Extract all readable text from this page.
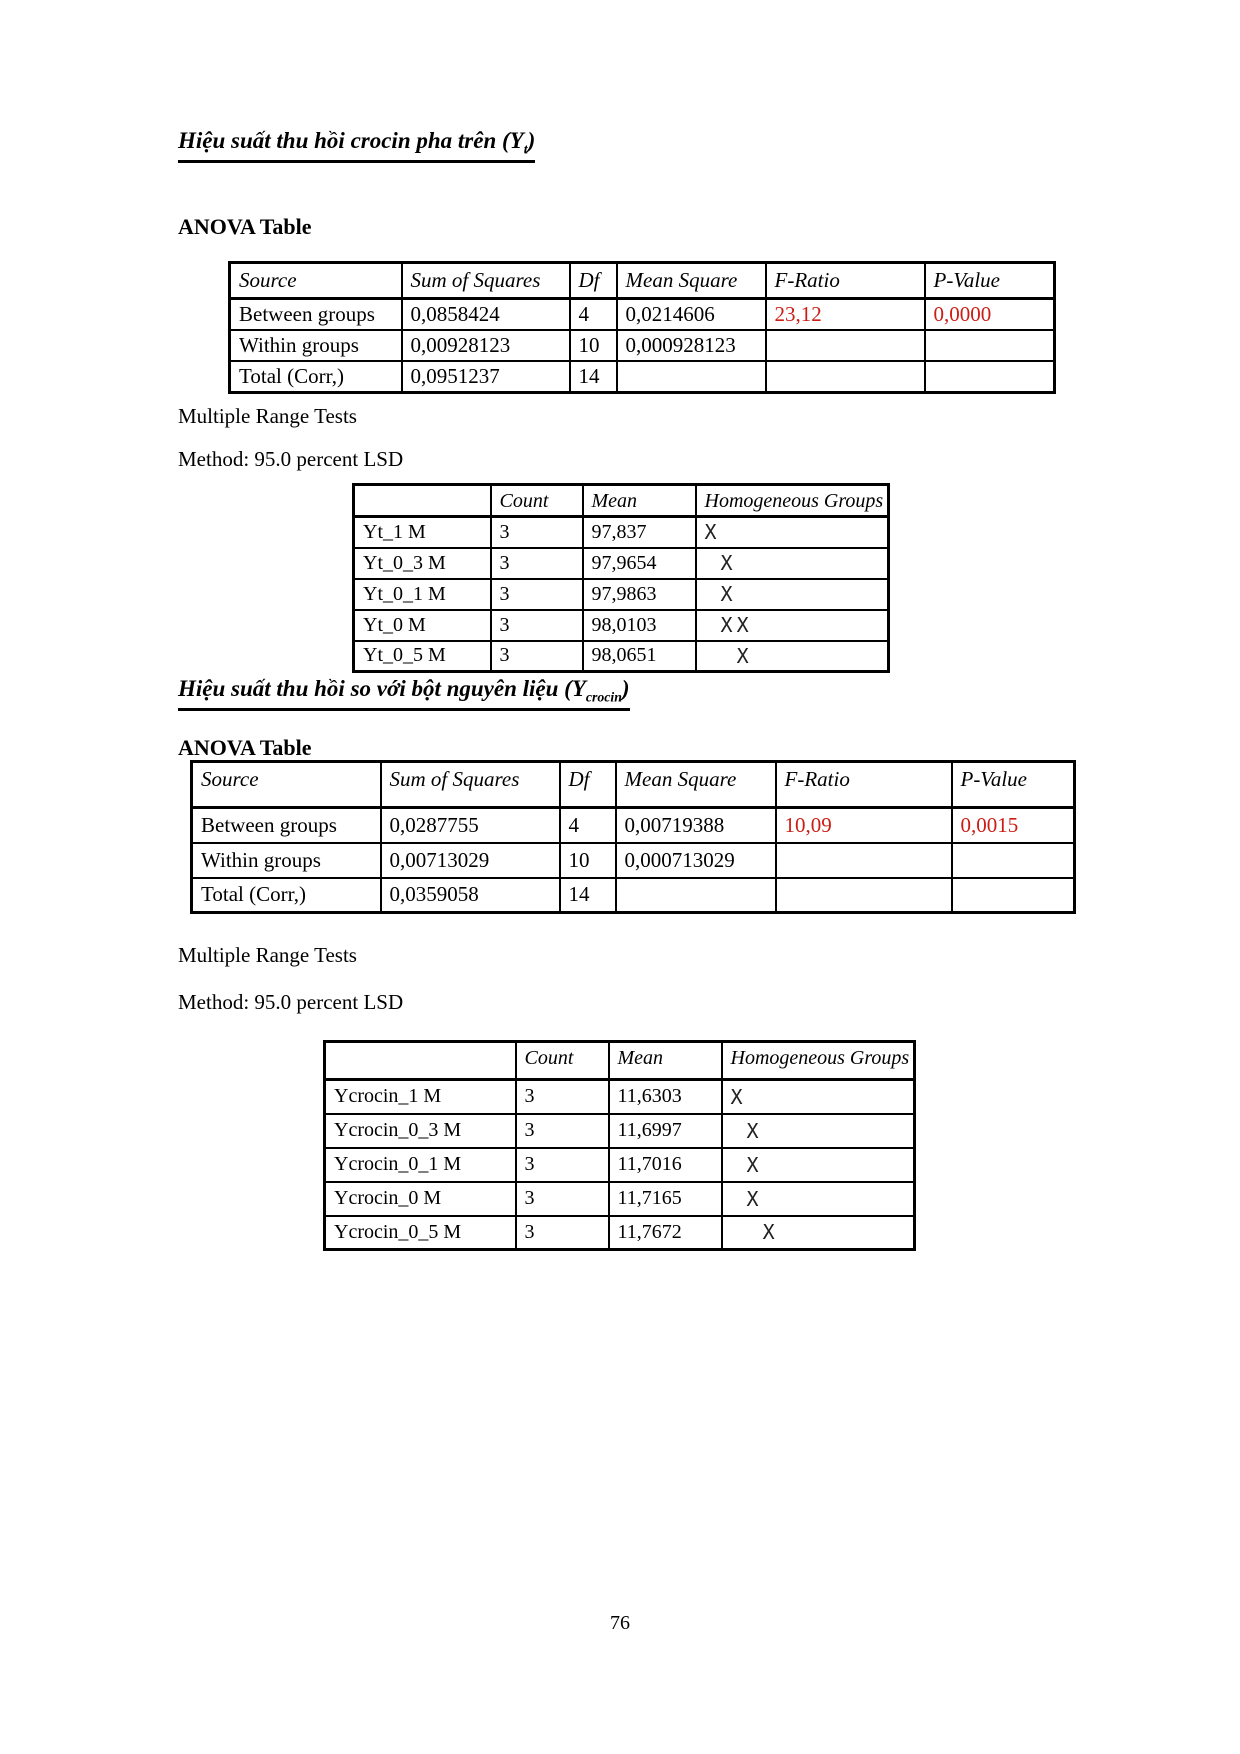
Hiệu suất thu hồi crocin pha trên $(Y_t)$
ANOVA Table
Source	Sum of Squares	Df	Mean Square	F-Ratio	P-Value
Between groups	0,0858424	4	0,0214606	23,12	0,0000
Within groups	0,00928123	10	0,000928123		
Total (Corr,)	0,0951237	14			
Multiple Range Tests
Method: 95.0 percent LSD
	Count	Mean	Homogeneous Groups
Yt_1 M	3	97,837	X
Yt_0_3 M	3	97,9654	X
Yt_0_1 M	3	97,9863	X
Yt_0 M	3	98,0103	XX
Yt_0_5 M	3	98,0651	X
Hiệu suất thu hồi so với bột nguyên liệu $(Y_{crocin})$
ANOVA Table
Source	Sum of Squares	Df	Mean Square	F-Ratio	P-Value
Between groups	0,0287755	4	0,00719388	10,09	0,0015
Within groups	0,00713029	10	0,000713029		
Total (Corr,)	0,0359058	14			
Multiple Range Tests
Method: 95.0 percent LSD
	Count	Mean	Homogeneous Groups
Ycrocin_1 M	3	11,6303	X
Ycrocin_0_3 M	3	11,6997	X
Ycrocin_0_1 M	3	11,7016	X
Ycrocin_0 M	3	11,7165	X
Ycrocin_0_5 M	3	11,7672	X
76
